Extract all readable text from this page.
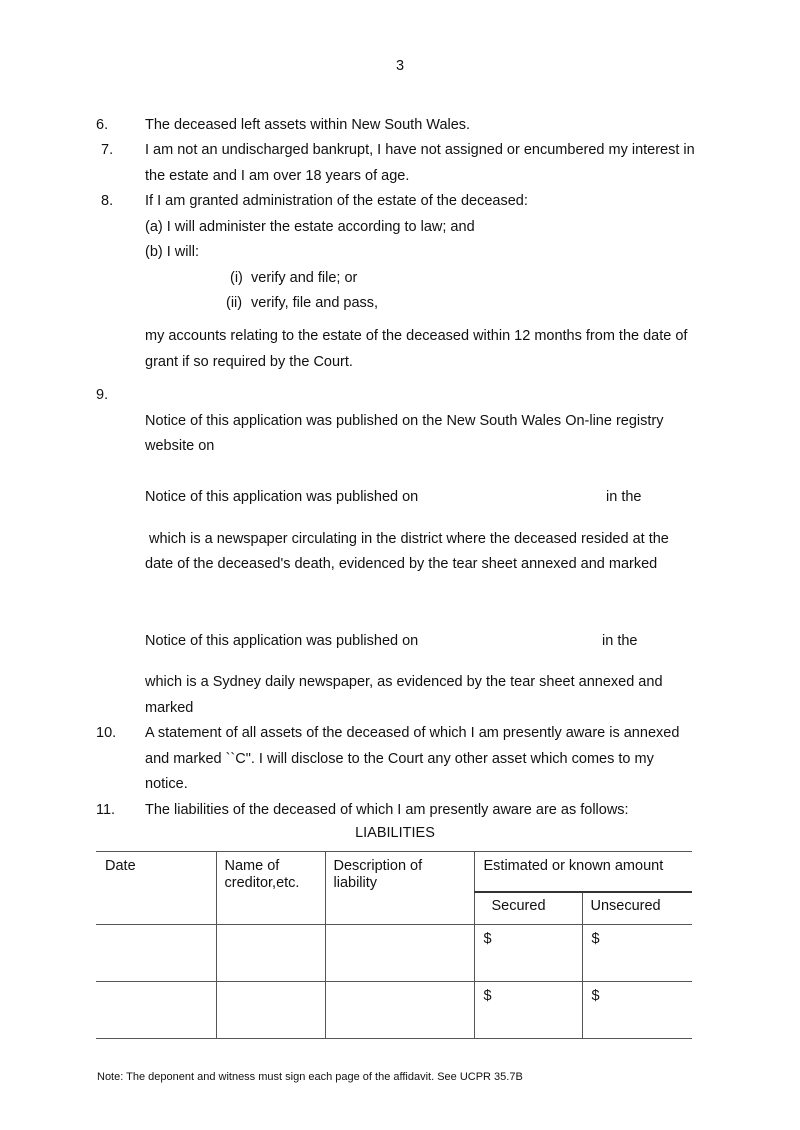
3
6.	The deceased left assets within New South Wales.
7. I am not an undischarged bankrupt, I have not assigned or encumbered my interest in
the estate and I am over 18 years of age.
8. If I am granted administration of the estate of the deceased:
(a) I will administer the estate according to law; and
(b) I will:
(i) verify and file; or
(ii) verify, file and pass,
my accounts relating to the estate of the deceased within 12 months from the date of
grant if so required by the Court.
9.
Notice of this application was published on the New South Wales On-line registry
website on
Notice of this application was published on	in the
which is a newspaper circulating in the district where the deceased resided at the
date of the deceased's death, evidenced by the tear sheet annexed and marked
Notice of this application was published on	in the
which is a Sydney daily newspaper, as evidenced by the tear sheet annexed and
marked
10. A statement of all assets of the deceased of which I am presently aware is annexed
and marked ``C". I will disclose to the Court any other asset which comes to my
notice.
11. The liabilities of the deceased of which I am presently aware are as follows:
LIABILITIES
Date	Name of creditor,etc.	Description of liability	Estimated or known amount	
			Secured	Unsecured
			$	$
			$	$
Note: The deponent and witness must sign each page of the affidavit. See UCPR 35.7B
